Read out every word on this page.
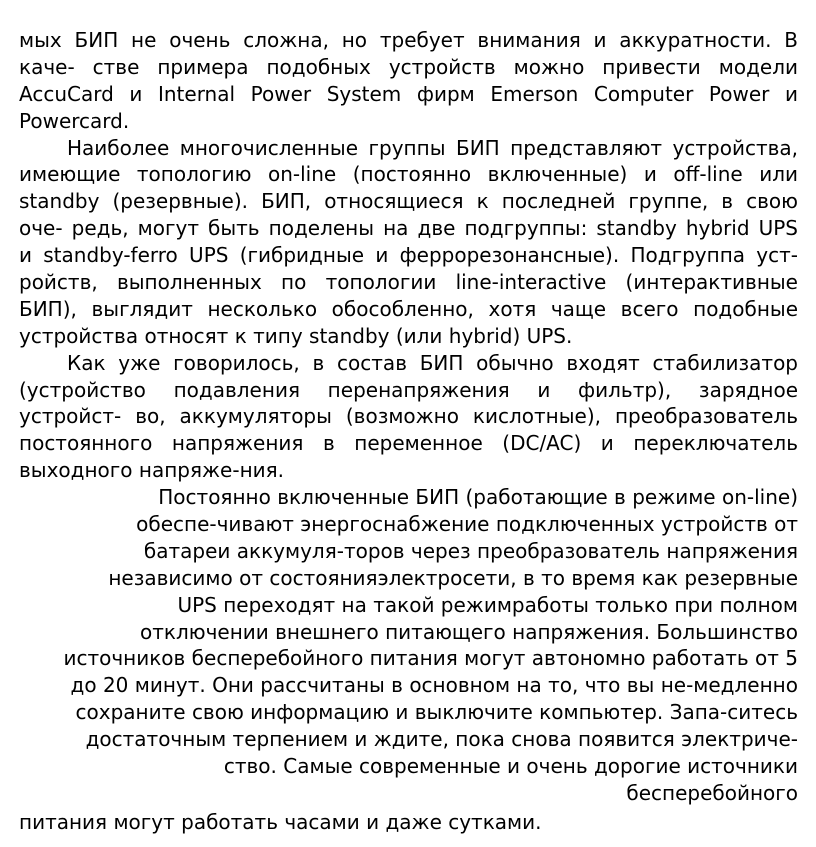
мых БИП не очень сложна, но требует внимания и аккуратности. В
каче- стве примера подобных устройств можно привести модели
AccuCard и Internal Power System фирм Emerson Computer Power и
Powercard.
Наиболее многочисленные группы БИП представляют устройства,
имеющие топологию on-line (постоянно включенные) и off-line или
standby (резервные). БИП, относящиеся к последней группе, в свою
оче- редь, могут быть поделены на две подгруппы: standby hybrid UPS
и standby-ferro UPS (гибридные и феррорезонансные). Подгруппа уст-
ройств, выполненных по топологии line-interactive (интерактивные
БИП), выглядит несколько обособленно, хотя чаще всего подобные
устройства относят к типу standby (или hybrid) UPS.
Как уже говорилось, в состав БИП обычно входят стабилизатор
(устройство подавления перенапряжения и фильтр), зарядное
устройст- во, аккумуляторы (возможно кислотные), преобразователь
постоянного напряжения в переменное (DC/AC) и переключатель
выходного напряже-ния.
Постоянно включенные БИП (работающие в режиме on-line)
обеспе-чивают энергоснабжение подключенных устройств от
батареи аккумуля-торов через преобразователь напряжения
независимо от состоянияэлектросети, в то время как резервные
UPS переходят на такой режимработы только при полном
отключении внешнего питающего напряжения. Большинство
источников бесперебойного питания могут автономно работать от 5
до 20 минут. Они рассчитаны в основном на то, что вы не-медленно
сохраните свою информацию и выключите компьютер. Запа-ситесь
достаточным терпением и ждите, пока снова появится электриче-
ство. Самые современные и очень дорогие источники
бесперебойного
питания могут работать часами и даже сутками.
